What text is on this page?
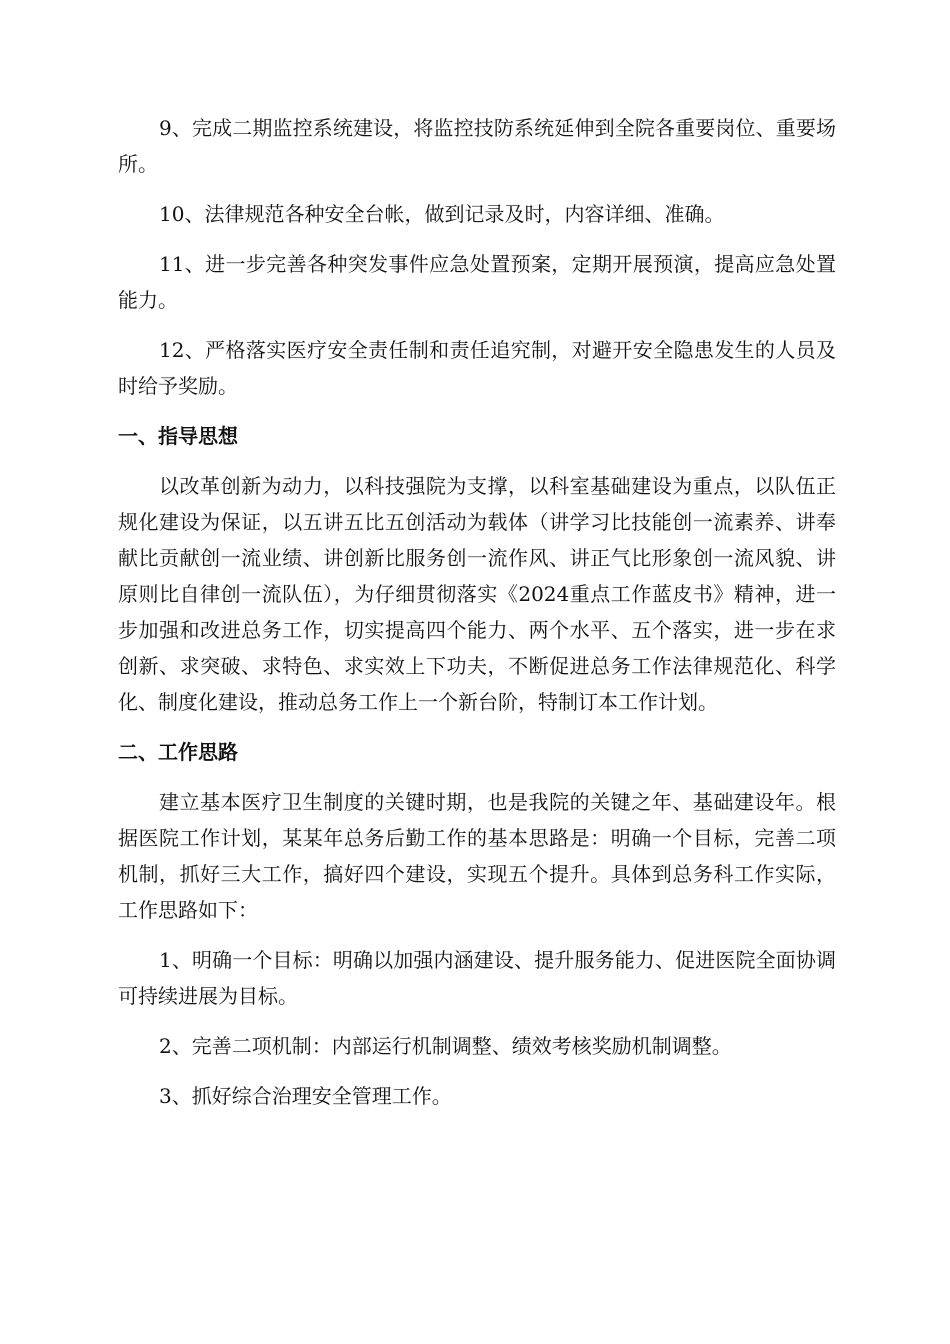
9、完成二期监控系统建设，将监控技防系统延伸到全院各重要岗位、重要场所。

10、法律规范各种安全台帐，做到记录及时，内容详细、准确。

11、进一步完善各种突发事件应急处置预案，定期开展预演，提高应急处置能力。

12、严格落实医疗安全责任制和责任追究制，对避开安全隐患发生的人员及时给予奖励。

一、指导思想

以改革创新为动力，以科技强院为支撑，以科室基础建设为重点，以队伍正规化建设为保证，以五讲五比五创活动为载体（讲学习比技能创一流素养、讲奉献比贡献创一流业绩、讲创新比服务创一流作风、讲正气比形象创一流风貌、讲原则比自律创一流队伍），为仔细贯彻落实《2024重点工作蓝皮书》精神，进一步加强和改进总务工作，切实提高四个能力、两个水平、五个落实，进一步在求创新、求突破、求特色、求实效上下功夫，不断促进总务工作法律规范化、科学化、制度化建设，推动总务工作上一个新台阶，特制订本工作计划。

二、工作思路

建立基本医疗卫生制度的关键时期，也是我院的关键之年、基础建设年。根据医院工作计划，某某年总务后勤工作的基本思路是：明确一个目标，完善二项机制，抓好三大工作，搞好四个建设，实现五个提升。具体到总务科工作实际，工作思路如下：

1、明确一个目标：明确以加强内涵建设、提升服务能力、促进医院全面协调可持续进展为目标。

2、完善二项机制：内部运行机制调整、绩效考核奖励机制调整。

3、抓好综合治理安全管理工作。
